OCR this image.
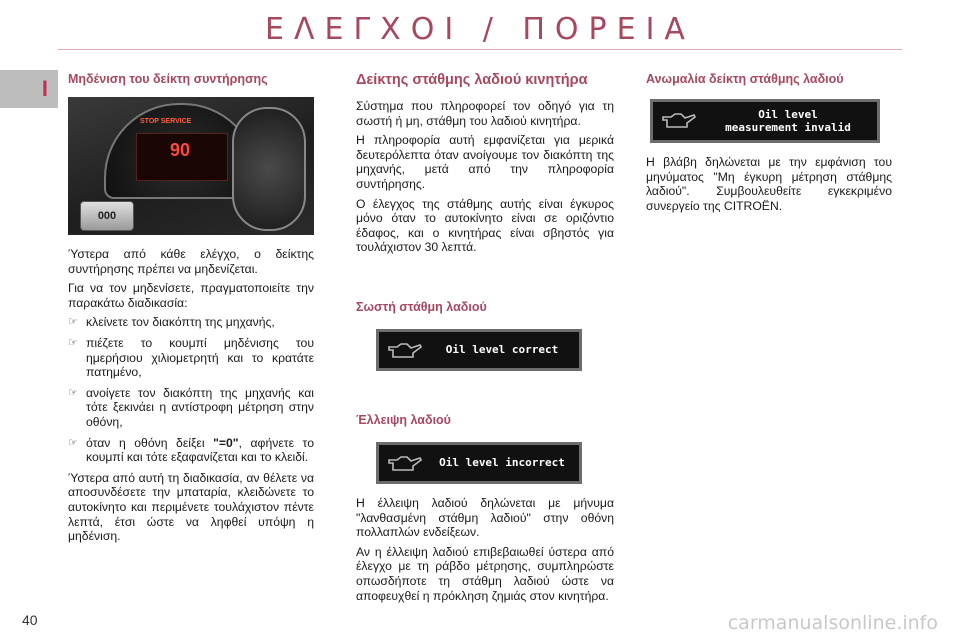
ΕΛΕΓΧΟΙ / ΠΟΡΕΙΑ
I Μηδένιση του δείκτη συντήρησης
STOP SERVICE
90
000

Ύστερα από κάθε ελέγχο, ο δείκτης συντήρησης πρέπει να μηδενίζεται.

Για να τον μηδενίσετε, πραγματοποιείτε την παρακάτω διαδικασία:

☞ κλείνετε τον διακόπτη της μηχανής,
☞ πιέζετε το κουμπί μηδένισης του ημερήσιου χιλιομετρητή και το κρατάτε πατημένο,
☞ ανοίγετε τον διακόπτη της μηχανής και τότε ξεκινάει η αντίστροφη μέτρηση στην οθόνη,
☞ όταν η οθόνη δείξει "=0", αφήνετε το κουμπί και τότε εξαφανίζεται και το κλειδί.

Ύστερα από αυτή τη διαδικασία, αν θέλετε να αποσυνδέσετε την μπαταρία, κλειδώνετε το αυτοκίνητο και περιμένετε τουλάχιστον πέντε λεπτά, έτσι ώστε να ληφθεί υπόψη η μηδένιση.

Δείκτης στάθμης λαδιού κινητήρα

Σύστημα που πληροφορεί τον οδηγό για τη σωστή ή μη, στάθμη του λαδιού κινητήρα.

Η πληροφορία αυτή εμφανίζεται για μερικά δευτερόλεπτα όταν ανοίγουμε τον διακόπτη της μηχανής, μετά από την πληροφορία συντήρησης.

Ο έλεγχος της στάθμης αυτής είναι έγκυρος μόνο όταν το αυτοκίνητο είναι σε οριζόντιο έδαφος, και ο κινητήρας είναι σβηστός για τουλάχιστον 30 λεπτά.

Σωστή στάθμη λαδιού
Oil level correct
Έλλειψη λαδιού
Oil level incorrect

Η έλλειψη λαδιού δηλώνεται με μήνυμα "λανθασμένη στάθμη λαδιού" στην οθόνη πολλαπλών ενδείξεων.

Αν η έλλειψη λαδιού επιβεβαιωθεί ύστερα από έλεγχο με τη ράβδο μέτρησης, συμπληρώστε οπωσδήποτε τη στάθμη λαδιού ώστε να αποφευχθεί η πρόκληση ζημιάς στον κινητήρα.

Ανωμαλία δείκτη στάθμης λαδιού
Oil level
measurement invalid

Η βλάβη δηλώνεται με την εμφάνιση του μηνύματος "Μη έγκυρη μέτρηση στάθμης λαδιού". Συμβουλευθείτε εγκεκριμένο συνεργείο της CITROËN.

40	carmanualsonline.info
